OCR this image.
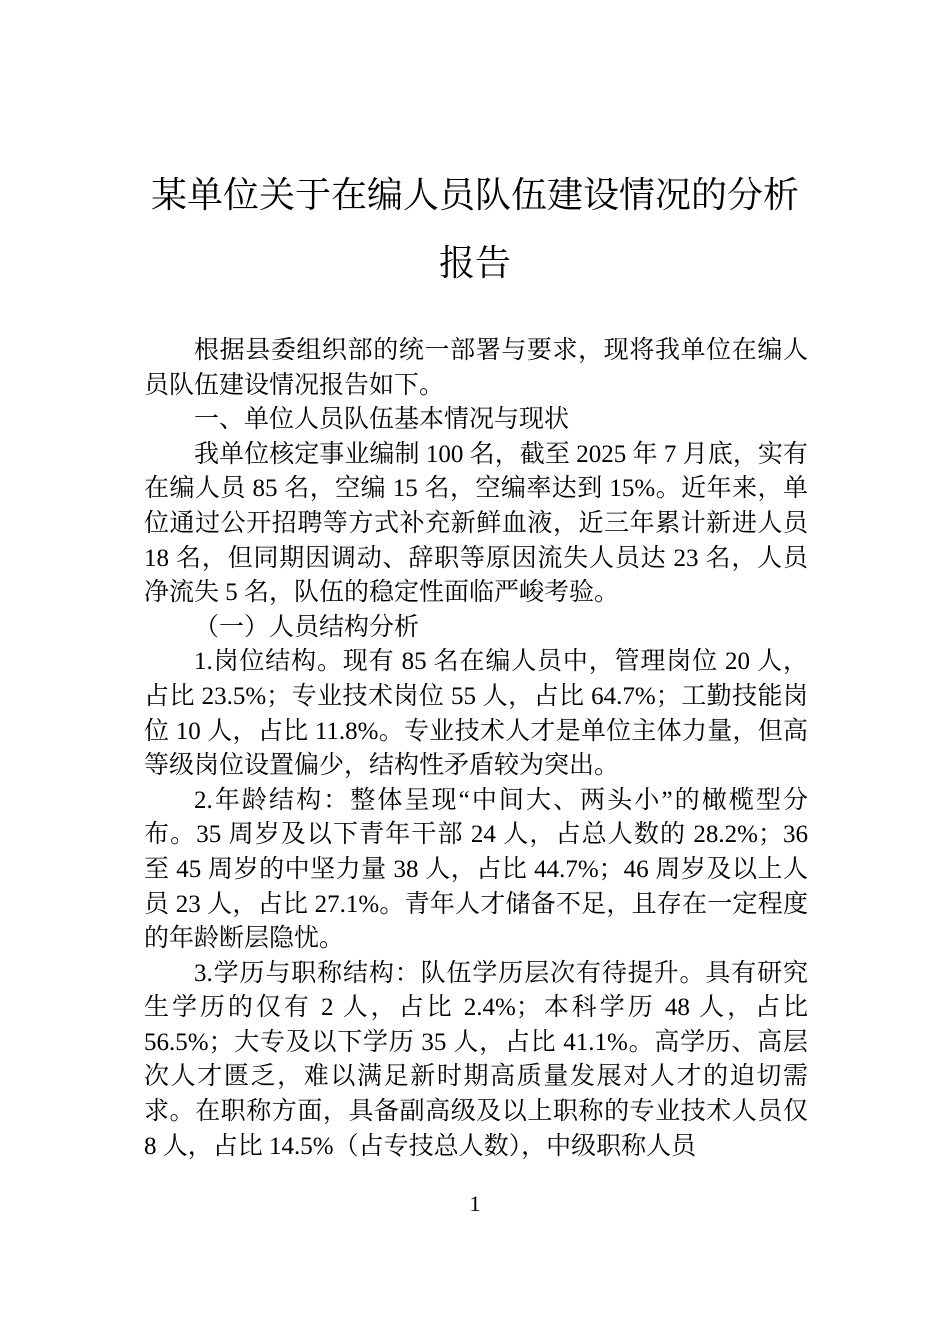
某单位关于在编人员队伍建设情况的分析
报告

根据县委组织部的统一部署与要求，现将我单位在编人员队伍建设情况报告如下。

一、单位人员队伍基本情况与现状

我单位核定事业编制 100 名，截至 2025 年 7 月底，实有在编人员 85 名，空编 15 名，空编率达到 15%。近年来，单位通过公开招聘等方式补充新鲜血液，近三年累计新进人员 18 名，但同期因调动、辞职等原因流失人员达 23 名，人员净流失 5 名，队伍的稳定性面临严峻考验。

（一）人员结构分析

1.岗位结构。现有 85 名在编人员中，管理岗位 20 人，占比 23.5%；专业技术岗位 55 人，占比 64.7%；工勤技能岗位 10 人，占比 11.8%。专业技术人才是单位主体力量，但高等级岗位设置偏少，结构性矛盾较为突出。

2.年龄结构：整体呈现“中间大、两头小”的橄榄型分布。35 周岁及以下青年干部 24 人，占总人数的 28.2%；36 至 45 周岁的中坚力量 38 人，占比 44.7%；46 周岁及以上人员 23 人，占比 27.1%。青年人才储备不足，且存在一定程度的年龄断层隐忧。

3.学历与职称结构：队伍学历层次有待提升。具有研究生学历的仅有 2 人，占比 2.4%；本科学历 48 人，占比 56.5%；大专及以下学历 35 人，占比 41.1%。高学历、高层次人才匮乏，难以满足新时期高质量发展对人才的迫切需求。在职称方面，具备副高级及以上职称的专业技术人员仅 8 人，占比 14.5%（占专技总人数），中级职称人员

1
